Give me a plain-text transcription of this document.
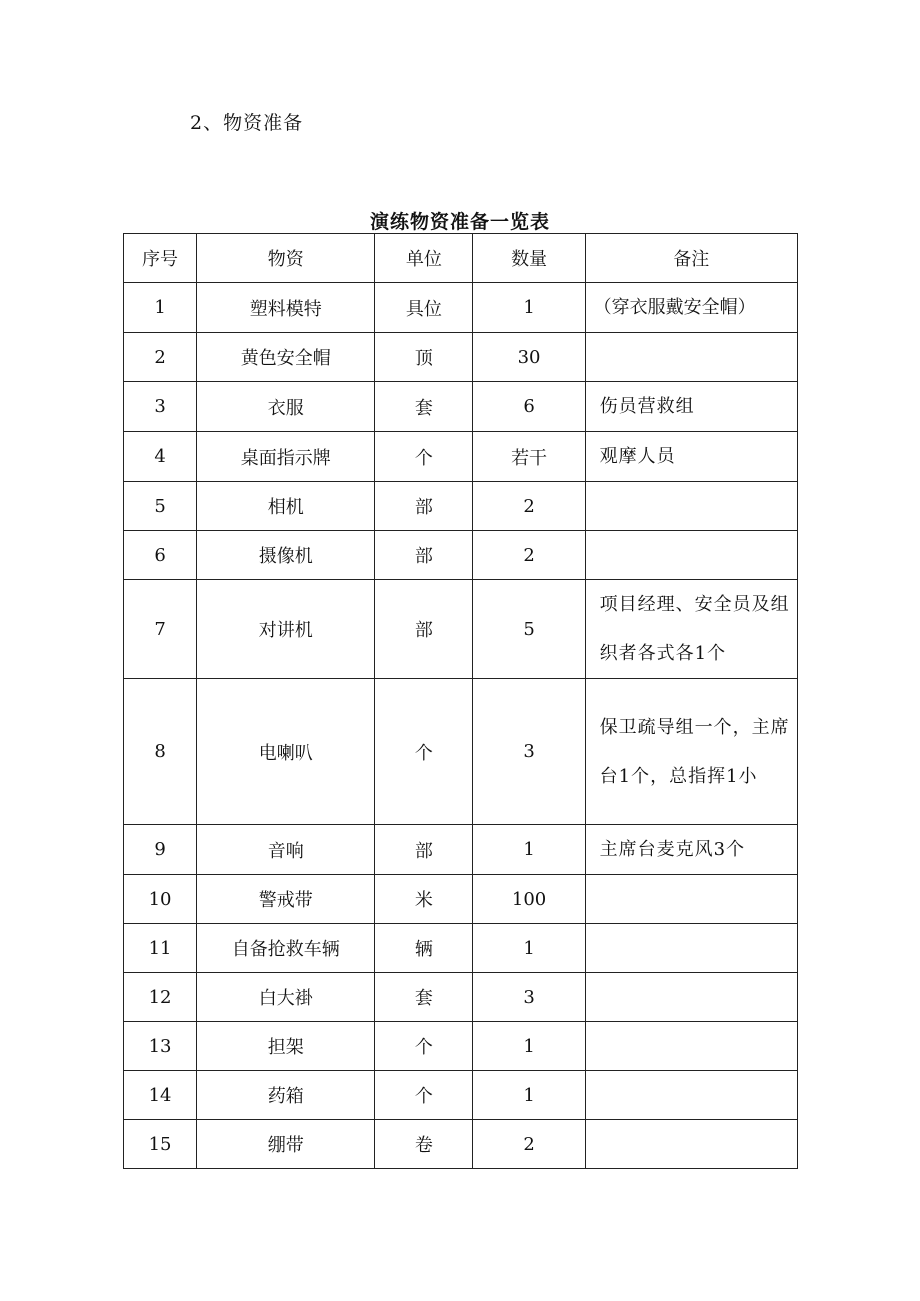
2、物资准备
演练物资准备一览表
序号	物资	单位	数量	备注
1	塑料模特	具位	1	（穿衣服戴安全帽）
2	黄色安全帽	顶	30	
3	衣服	套	6	伤员营救组
4	桌面指示牌	个	若干	观摩人员
5	相机	部	2	
6	摄像机	部	2	
7	对讲机	部	5	项目经理、安全员及组织者各式各1个
8	电喇叭	个	3	保卫疏导组一个，主席台1个，总指挥1小
9	音响	部	1	主席台麦克风3个
10	警戒带	米	100	
11	自备抢救车辆	辆	1	
12	白大褂	套	3	
13	担架	个	1	
14	药箱	个	1	
15	绷带	卷	2	
